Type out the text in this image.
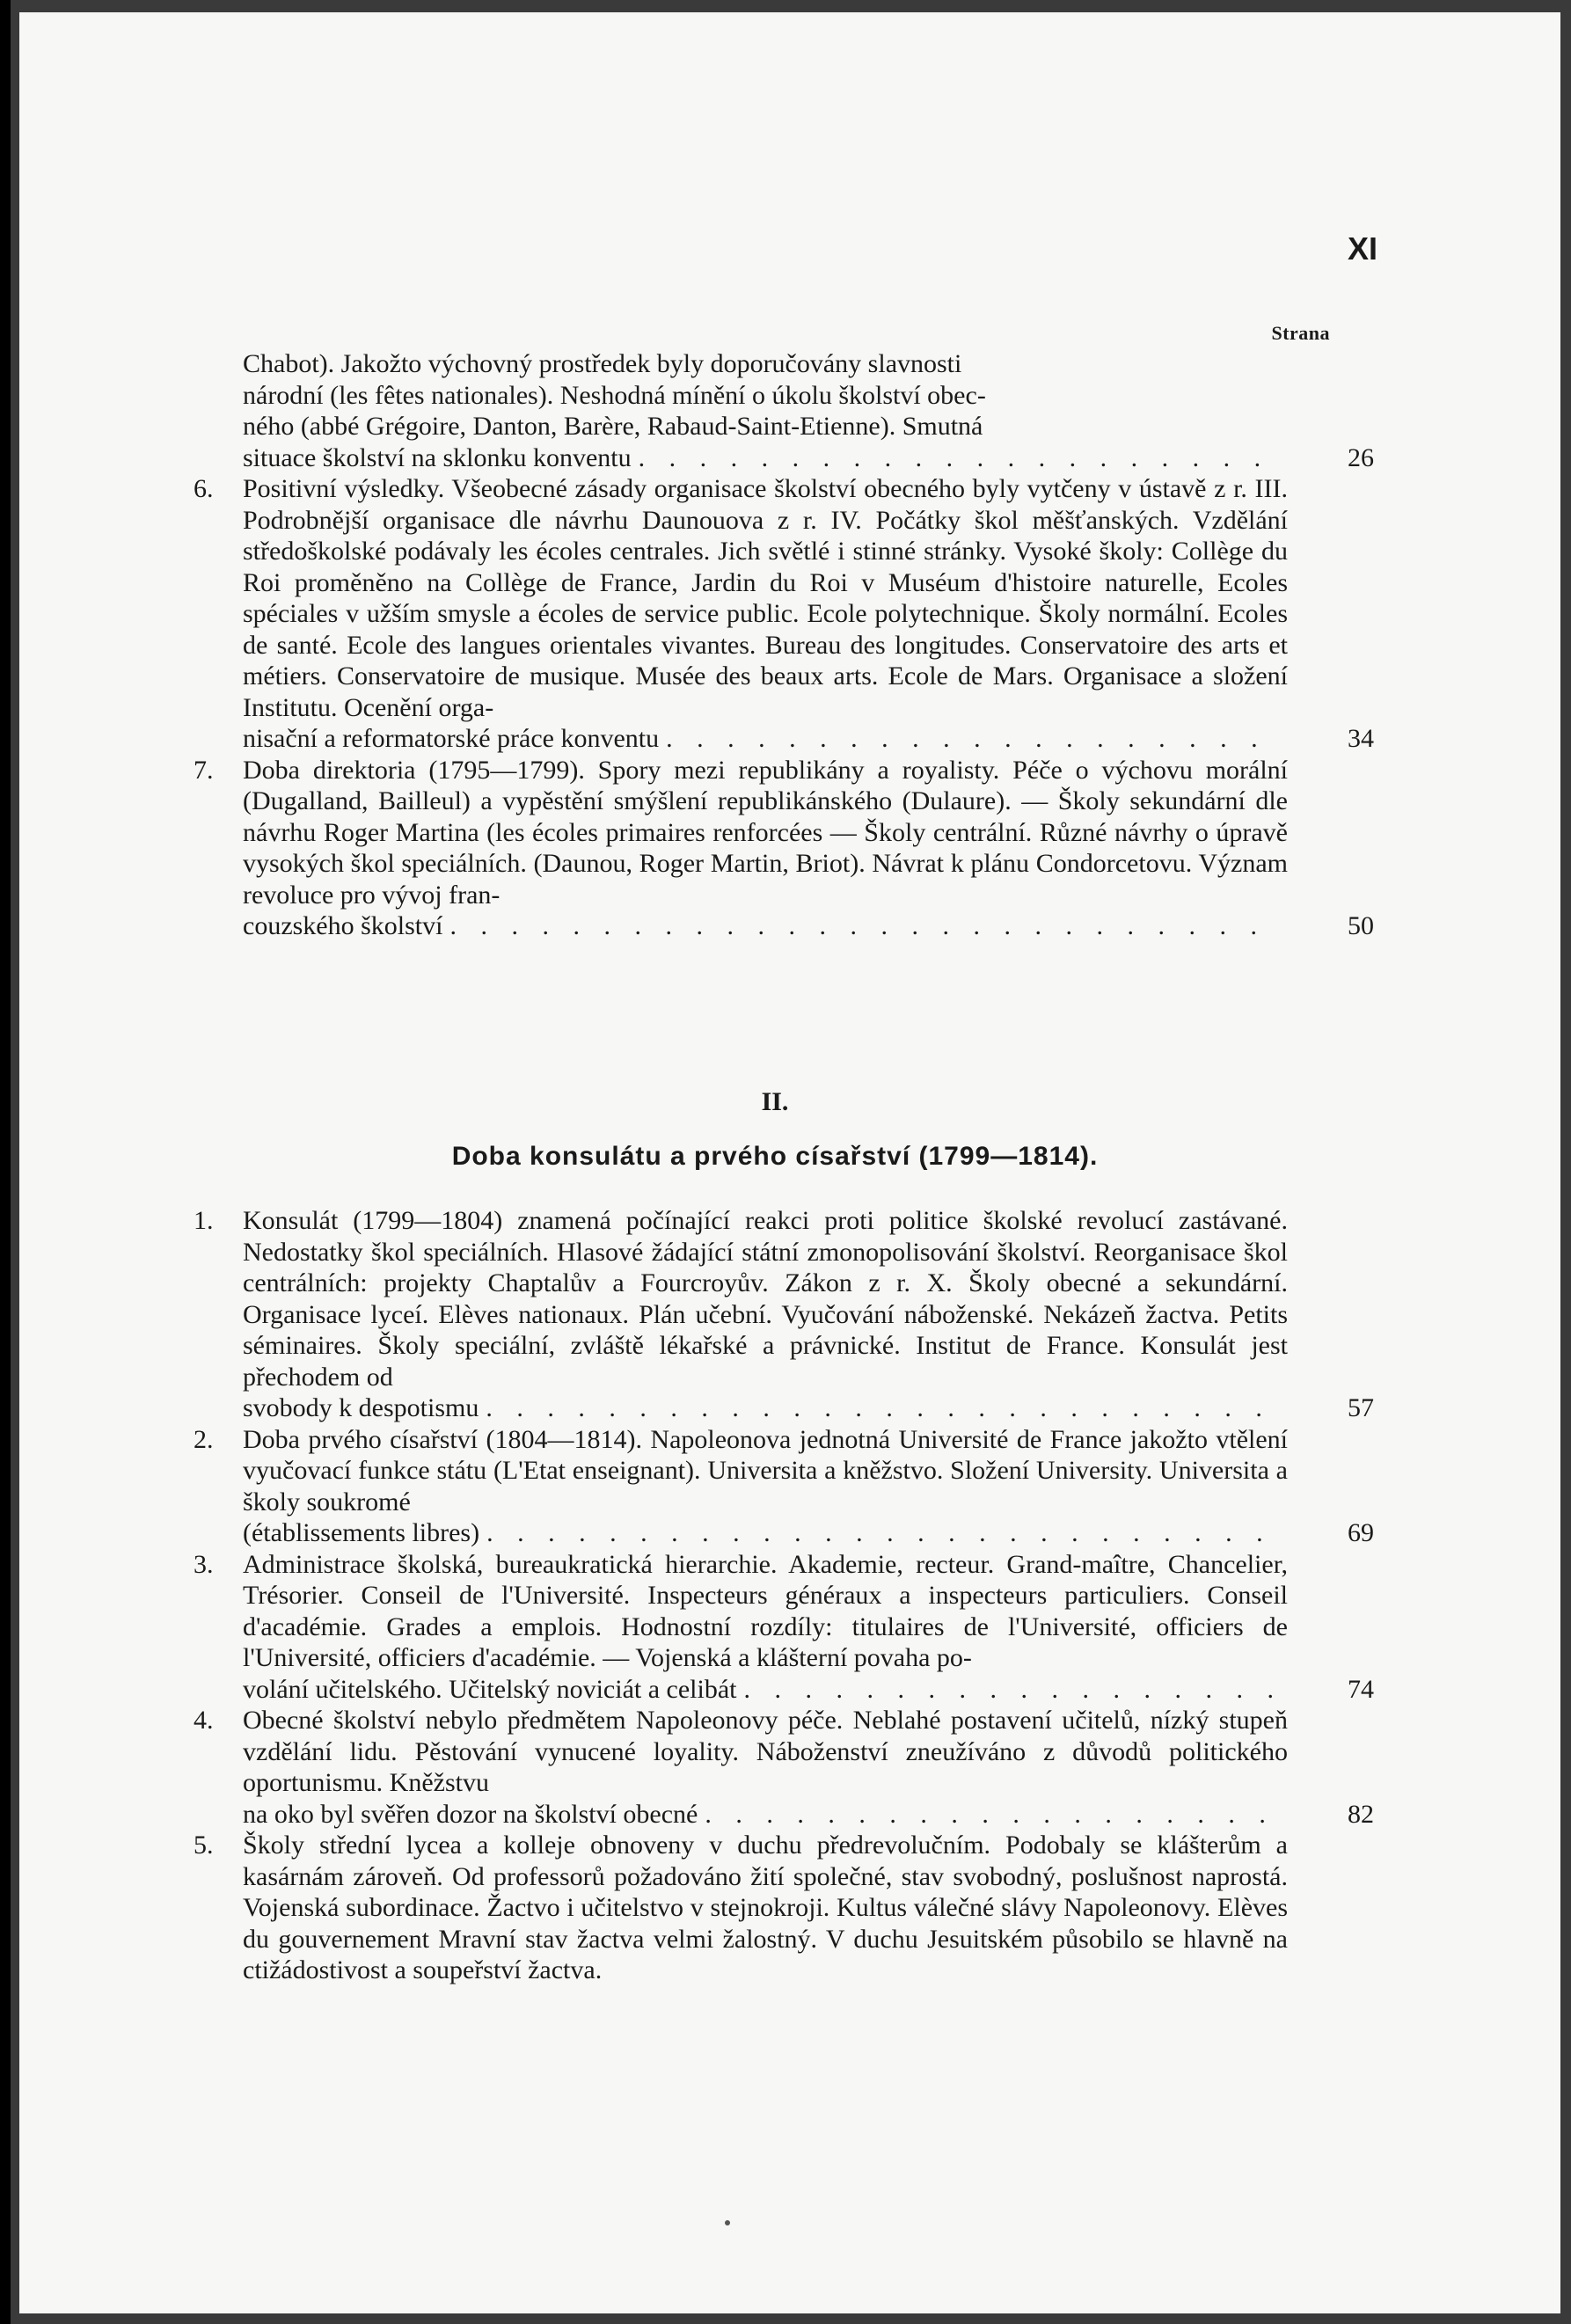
XI
Strana
Chabot). Jakožto výchovný prostředek byly doporučovány slavnosti
národní (les fêtes nationales). Neshodná mínění o úkolu školství obec-
ného (abbé Grégoire, Danton, Barère, Rabaud-Saint-Etienne). Smutná
situace školství na sklonku konventu . . .	26
6.	Positivní výsledky. Všeobecné zásady organisace školství obecného byly vytčeny v ústavě z r. III. Podrobnější organisace dle návrhu Daunouova z r. IV. Počátky škol měšťanských. Vzdělání středoškolské podávaly les écoles centrales. Jich světlé i stinné stránky. Vysoké školy: Collège du Roi proměněno na Collège de France, Jardin du Roi v Muséum d'histoire naturelle, Ecoles spéciales v užším smysle a écoles de service public. Ecole polytechnique. Školy normální. Ecoles de santé. Ecole des langues orientales vivantes. Bureau des longitudes. Conservatoire des arts et métiers. Conservatoire de musique. Musée des beaux arts. Ecole de Mars. Organisace a složení Institutu. Ocenění orga-
nisační a reformatorské práce konventu . . .	34
7.	Doba direktoria (1795—1799). Spory mezi republikány a royalisty. Péče o výchovu morální (Dugalland, Bailleul) a vypěstění smýšlení republikánského (Dulaure). — Školy sekundární dle návrhu Roger Martina (les écoles primaires renforcées — Školy centrální. Různé návrhy o úpravě vysokých škol speciálních. (Daunou, Roger Martin, Briot). Návrat k plánu Condorcetovu. Význam revoluce pro vývoj fran-
couzského školství . . .	50
II.
Doba konsulátu a prvého císařství (1799—1814).
1.	Konsulát (1799—1804) znamená počínající reakci proti politice školské revolucí zastávané. Nedostatky škol speciálních. Hlasové žádající státní zmonopolisování školství. Reorganisace škol centrálních: projekty Chaptalův a Fourcroyův. Zákon z r. X. Školy obecné a sekundární. Organisace lyceí. Elèves nationaux. Plán učební. Vyučování náboženské. Nekázeň žactva. Petits séminaires. Školy speciální, zvláště lékařské a právnické. Institut de France. Konsulát jest přechodem od
svobody k despotismu . . .	57
2.	Doba prvého císařství (1804—1814). Napoleonova jednotná Université de France jakožto vtělení vyučovací funkce státu (L'Etat enseignant). Universita a kněžstvo. Složení University. Universita a školy soukromé
(établissements libres) . . .	69
3.	Administrace školská, bureaukratická hierarchie. Akademie, recteur. Grand-maître, Chancelier, Trésorier. Conseil de l'Université. Inspecteurs généraux a inspecteurs particuliers. Conseil d'académie. Grades a emplois. Hodnostní rozdíly: titulaires de l'Université, officiers de l'Université, officiers d'académie. — Vojenská a klášterní povaha po-
volání učitelského. Učitelský noviciát a celibát . . .	74
4.	Obecné školství nebylo předmětem Napoleonovy péče. Neblahé postavení učitelů, nízký stupeň vzdělání lidu. Pěstování vynucené loyality. Náboženství zneužíváno z důvodů politického oportunismu. Kněžstvu
na oko byl svěřen dozor na školství obecné . . .	82
5.	Školy střední lycea a kolleje obnoveny v duchu předrevolučním. Podobaly se klášterům a kasárnám zároveň. Od professorů požadováno žití společné, stav svobodný, poslušnost naprostá. Vojenská subordinace. Žactvo i učitelstvo v stejnokroji. Kultus válečné slávy Napoleonovy. Elèves du gouvernement Mravní stav žactva velmi žalostný. V duchu Jesuitském působilo se hlavně na ctižádostivost a soupeřství žactva.
